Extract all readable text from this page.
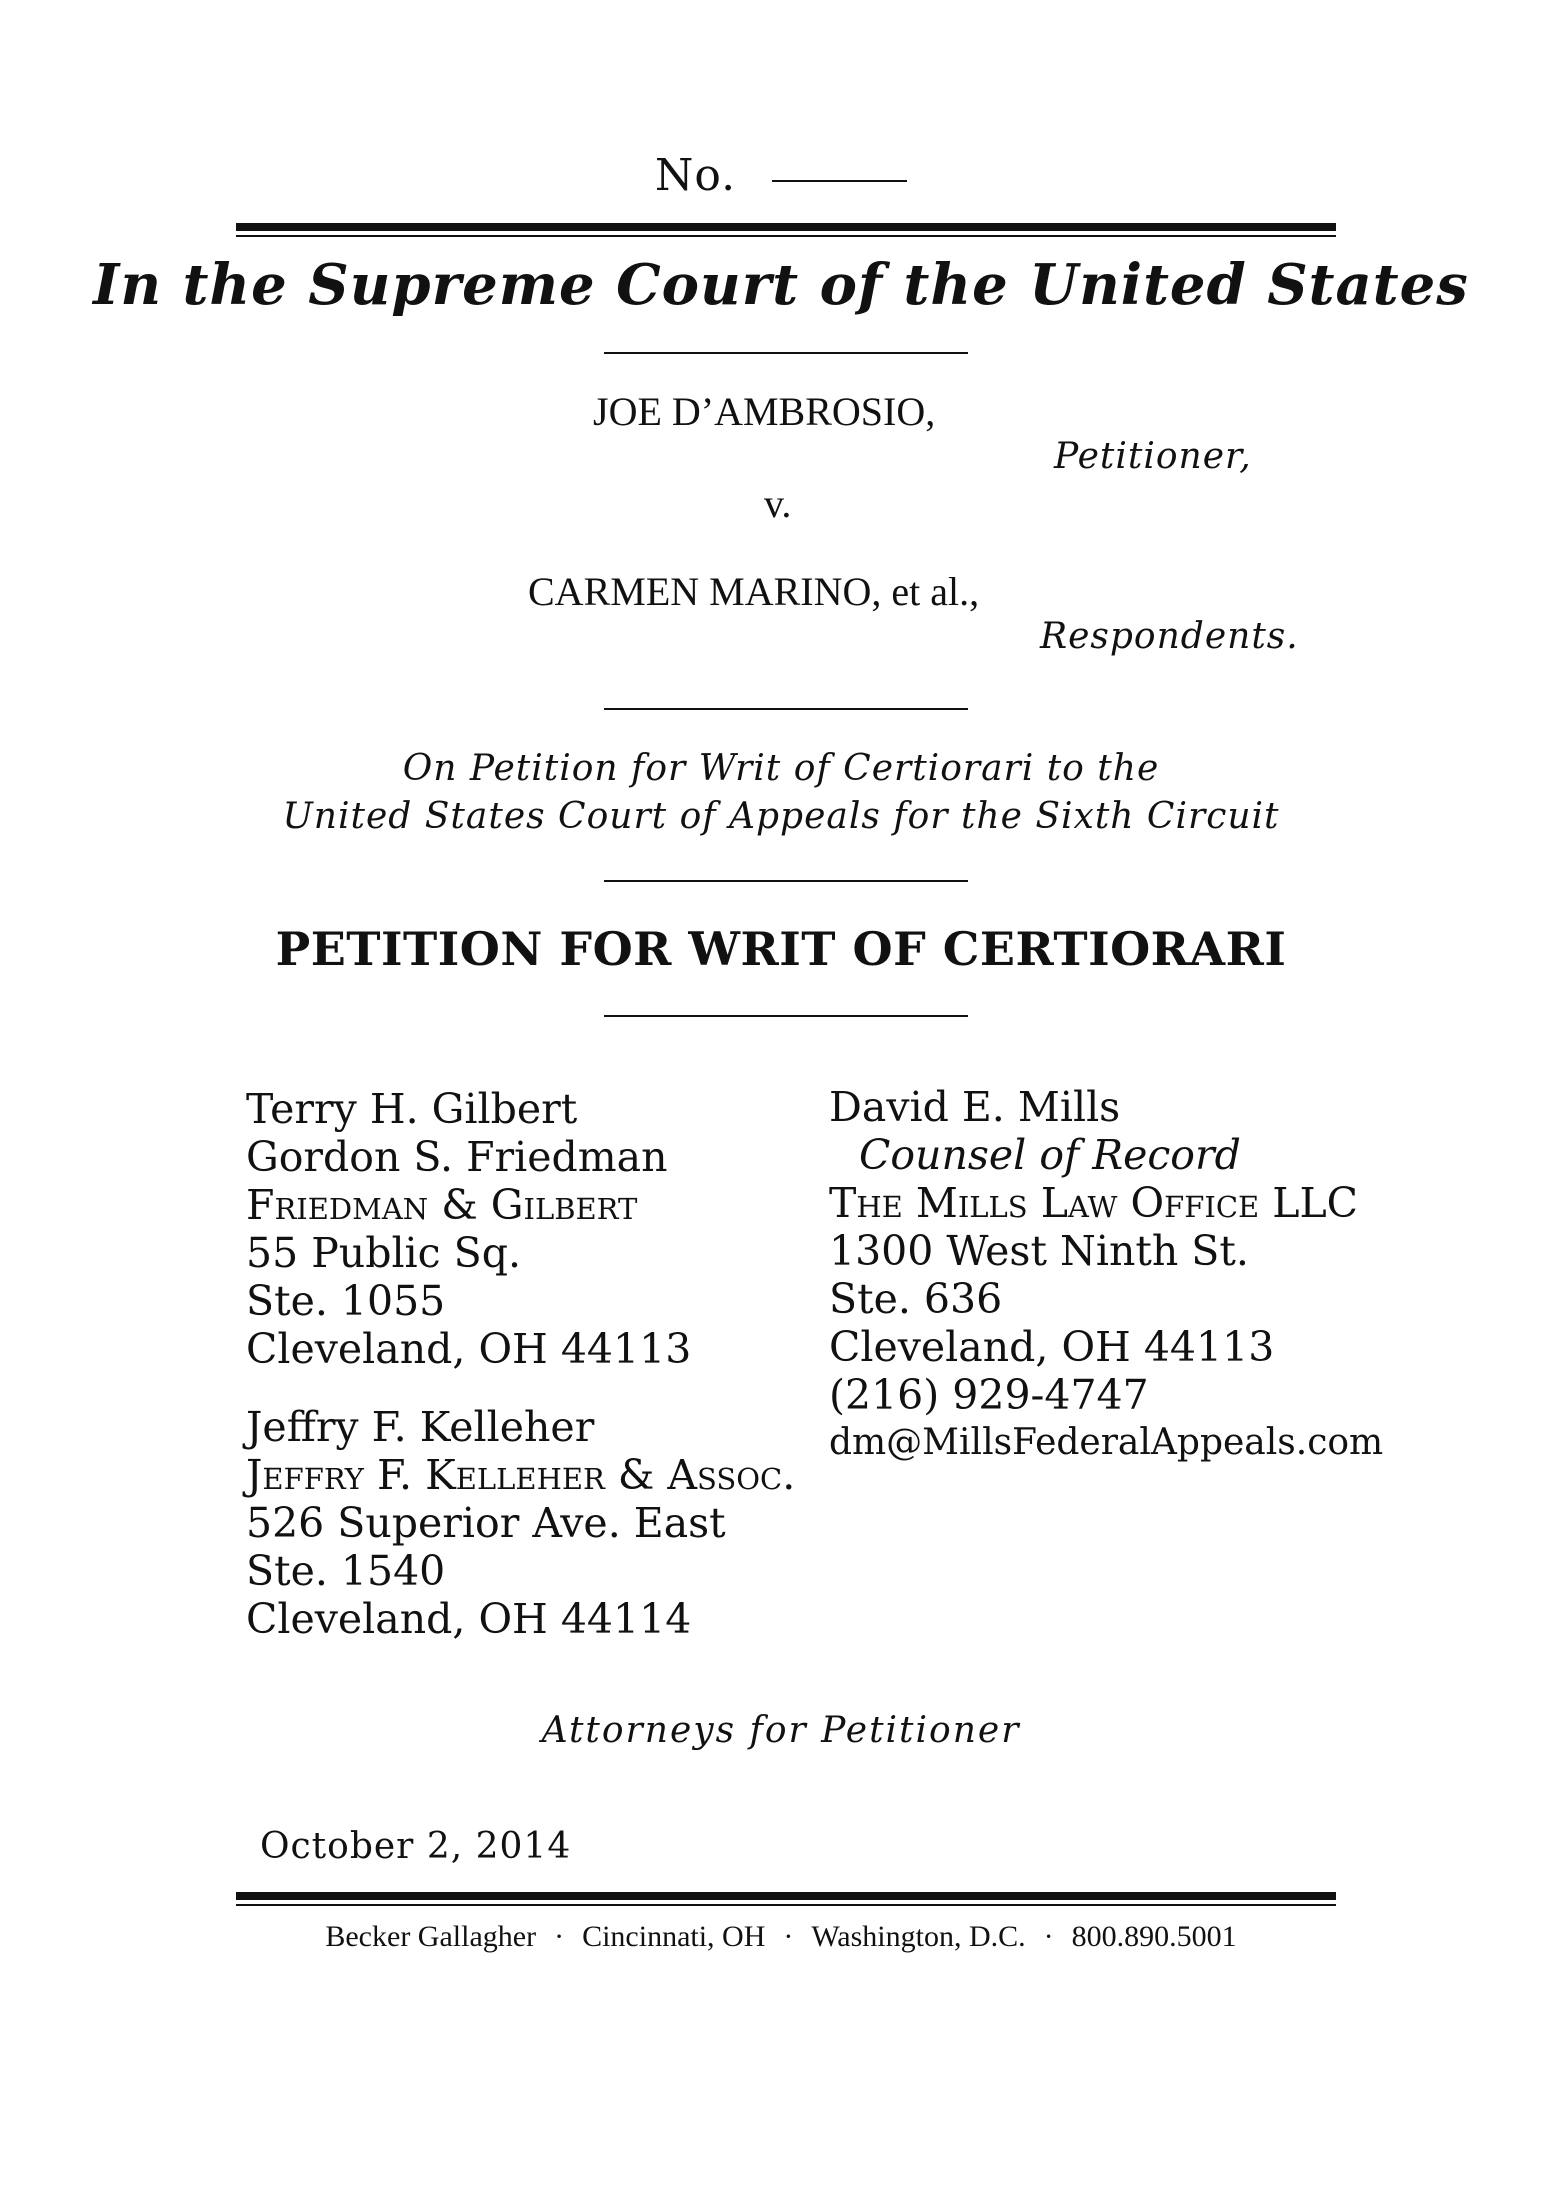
No.
In the Supreme Court of the United States
JOE D’AMBROSIO,
Petitioner,
v.
CARMEN MARINO, et al.,
Respondents.
On Petition for Writ of Certiorari to the
United States Court of Appeals for the Sixth Circuit
PETITION FOR WRIT OF CERTIORARI
Terry H. Gilbert
Gordon S. Friedman
Friedman & Gilbert
55 Public Sq.
Ste. 1055
Cleveland, OH 44113
Jeffry F. Kelleher
Jeffry F. Kelleher & Assoc.
526 Superior Ave. East
Ste. 1540
Cleveland, OH 44114
David E. Mills
Counsel of Record
The Mills Law Office LLC
1300 West Ninth St.
Ste. 636
Cleveland, OH 44113
(216) 929-4747
dm@MillsFederalAppeals.com
Attorneys for Petitioner
October 2, 2014
Becker Gallagher · Cincinnati, OH · Washington, D.C. · 800.890.5001
